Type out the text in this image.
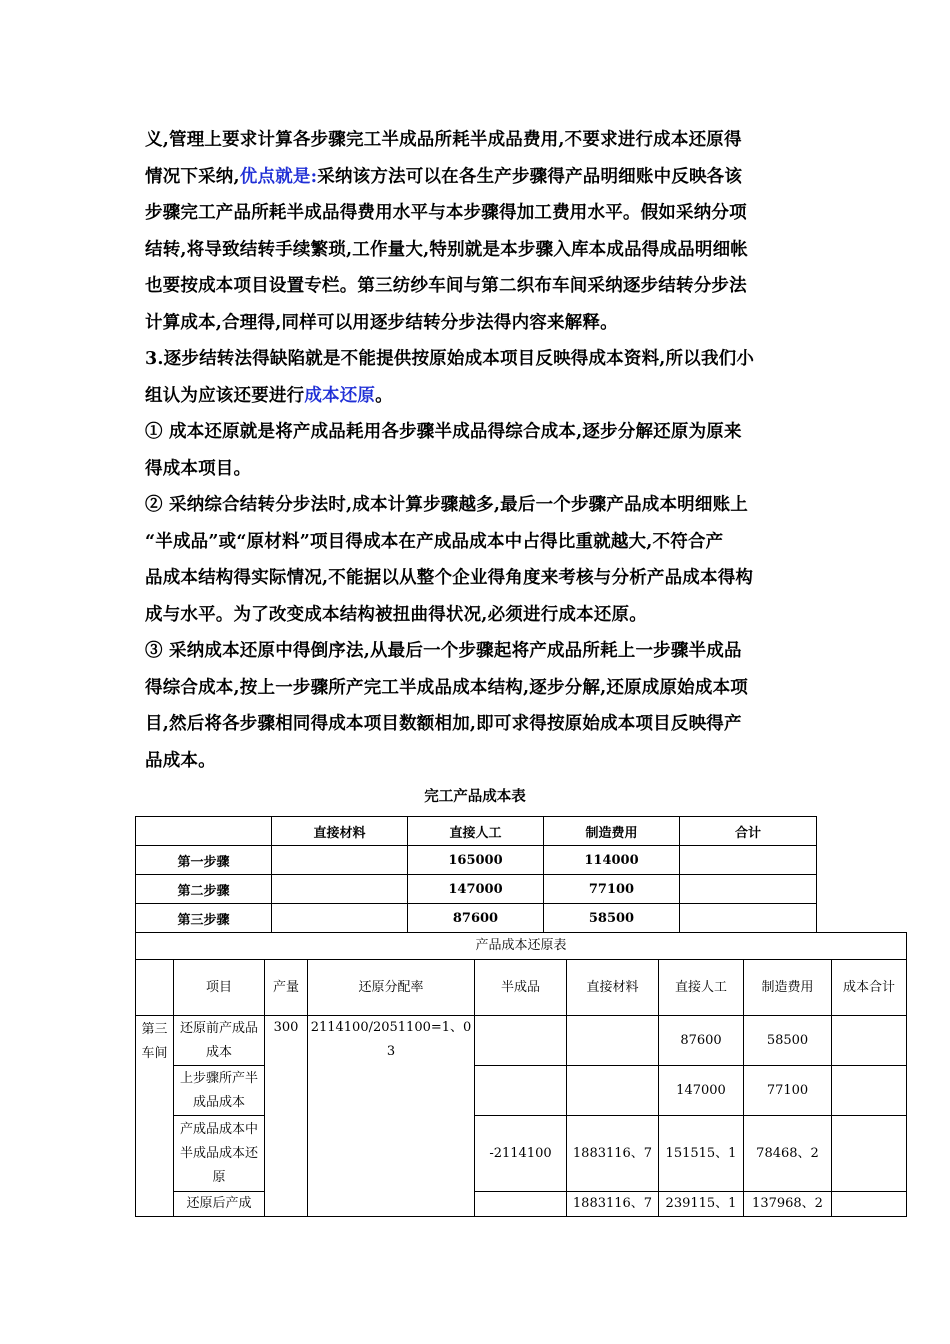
义,管理上要求计算各步骤完工半成品所耗半成品费用,不要求进行成本还原得
情况下采纳,优点就是:采纳该方法可以在各生产步骤得产品明细账中反映各该
步骤完工产品所耗半成品得费用水平与本步骤得加工费用水平。假如采纳分项
结转,将导致结转手续繁琐,工作量大,特别就是本步骤入库本成品得成品明细帐
也要按成本项目设置专栏。第三纺纱车间与第二织布车间采纳逐步结转分步法
计算成本,合理得,同样可以用逐步结转分步法得内容来解释。
3.逐步结转法得缺陷就是不能提供按原始成本项目反映得成本资料,所以我们小
组认为应该还要进行成本还原。
① 成本还原就是将产成品耗用各步骤半成品得综合成本,逐步分解还原为原来
得成本项目。
② 采纳综合结转分步法时,成本计算步骤越多,最后一个步骤产品成本明细账上
“半成品”或“原材料”项目得成本在产成品成本中占得比重就越大,不符合产
品成本结构得实际情况,不能据以从整个企业得角度来考核与分析产品成本得构
成与水平。为了改变成本结构被扭曲得状况,必须进行成本还原。
③ 采纳成本还原中得倒序法,从最后一个步骤起将产成品所耗上一步骤半成品
得综合成本,按上一步骤所产完工半成品成本结构,逐步分解,还原成原始成本项
目,然后将各步骤相同得成本项目数额相加,即可求得按原始成本项目反映得产
品成本。
完工产品成本表
	直接材料	直接人工	制造费用	合计
第一步骤		165000	114000	
第二步骤		147000	77100	
第三步骤		87600	58500	
产品成本还原表								
	项目	产量	还原分配率	半成品	直接材料	直接人工	制造费用	成本合计
第三车间	还原前产成品成本	300	2114100/2051100=1、03			87600	58500	
	上步骤所产半成品成本					147000	77100	
	产成品成本中半成品成本还原			-2114100	1883116、7	151515、1	78468、2	
	还原后产成				1883116、7	239115、1	137968、2	
